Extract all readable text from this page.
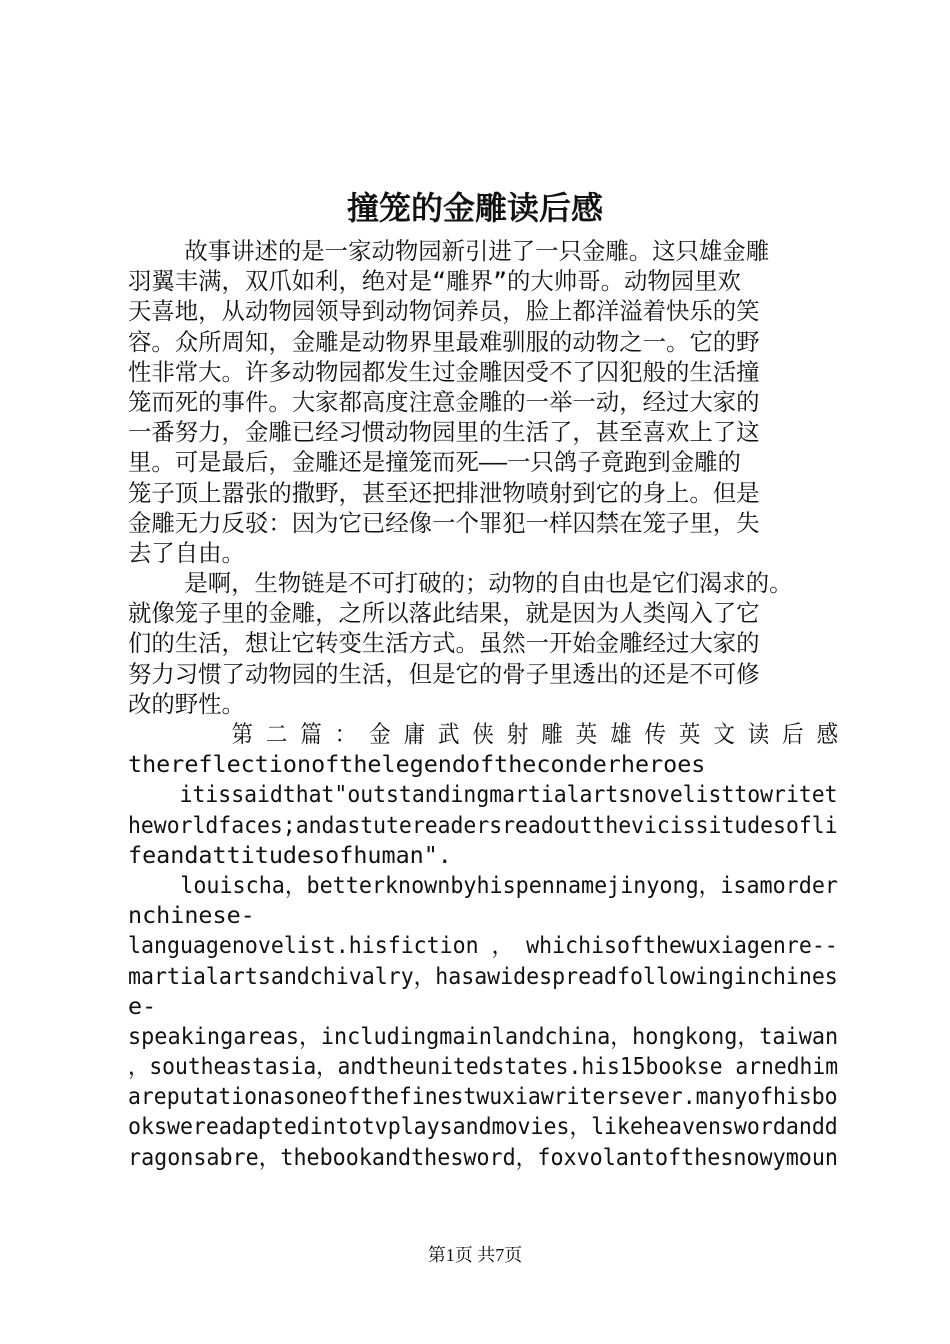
撞笼的金雕读后感
故事讲述的是一家动物园新引进了一只金雕。这只雄金雕
羽翼丰满，双爪如利，绝对是“雕界”的大帅哥。动物园里欢
天喜地，从动物园领导到动物饲养员，脸上都洋溢着快乐的笑
容。众所周知，金雕是动物界里最难驯服的动物之一。它的野
性非常大。许多动物园都发生过金雕因受不了囚犯般的生活撞
笼而死的事件。大家都高度注意金雕的一举一动，经过大家的
一番努力，金雕已经习惯动物园里的生活了，甚至喜欢上了这
里。可是最后，金雕还是撞笼而死——一只鸽子竟跑到金雕的
笼子顶上嚣张的撒野，甚至还把排泄物喷射到它的身上。但是
金雕无力反驳：因为它已经像一个罪犯一样囚禁在笼子里，失
去了自由。
是啊，生物链是不可打破的；动物的自由也是它们渴求的。
就像笼子里的金雕，之所以落此结果，就是因为人类闯入了它
们的生活，想让它转变生活方式。虽然一开始金雕经过大家的
努力习惯了动物园的生活，但是它的骨子里透出的还是不可修
改的野性。
第 二 篇 ： 金 庸 武 侠 射 雕 英 雄 传 英 文 读 后 感
thereflectionofthelegendoftheconderheroes
itissaidthat"outstandingmartialartsnovelisttowritet
heworldfaces;andastutereadersreadoutthevicissitudesofli
feandattitudesofhuman".
louischa，betterknownbyhispennamejinyong，isamorder
nchinese-
languagenovelist.hisfiction ， whichisofthewuxiagenre--
martialartsandchivalry，hasawidespreadfollowinginchines
e-
speakingareas，includingmainlandchina，hongkong，taiwan
，southeastasia，andtheunitedstates.his15bookse arnedhim
areputationasoneofthefinestwuxiawritersever.manyofhisbo
okswereadaptedintotvplaysandmovies，likeheavenswordandd
ragonsabre，thebookandthesword，foxvolantofthesnowymoun
第1页 共7页
